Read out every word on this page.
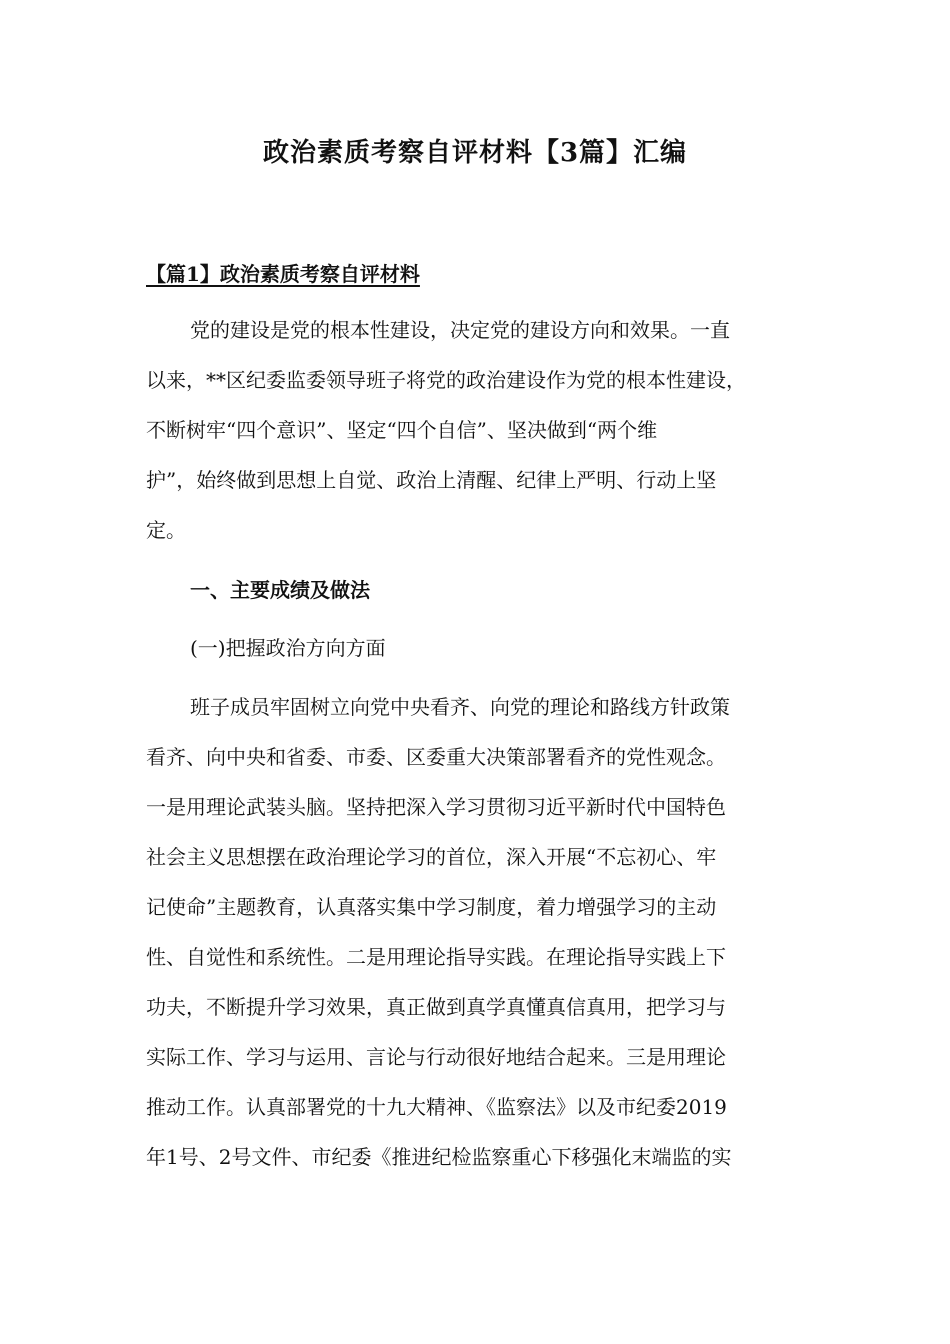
政治素质考察自评材料【3篇】汇编
【篇1】政治素质考察自评材料
党的建设是党的根本性建设，决定党的建设方向和效果。一直
以来，**区纪委监委领导班子将党的政治建设作为党的根本性建设，
不断树牢“四个意识”、坚定“四个自信”、坚决做到“两个维
护”，始终做到思想上自觉、政治上清醒、纪律上严明、行动上坚
定。
一、主要成绩及做法
(一)把握政治方向方面
班子成员牢固树立向党中央看齐、向党的理论和路线方针政策
看齐、向中央和省委、市委、区委重大决策部署看齐的党性观念。
一是用理论武装头脑。坚持把深入学习贯彻习近平新时代中国特色
社会主义思想摆在政治理论学习的首位，深入开展“不忘初心、牢
记使命”主题教育，认真落实集中学习制度，着力增强学习的主动
性、自觉性和系统性。二是用理论指导实践。在理论指导实践上下
功夫，不断提升学习效果，真正做到真学真懂真信真用，把学习与
实际工作、学习与运用、言论与行动很好地结合起来。三是用理论
推动工作。认真部署党的十九大精神、《监察法》以及市纪委2019
年1号、2号文件、市纪委《推进纪检监察重心下移强化末端监的实
